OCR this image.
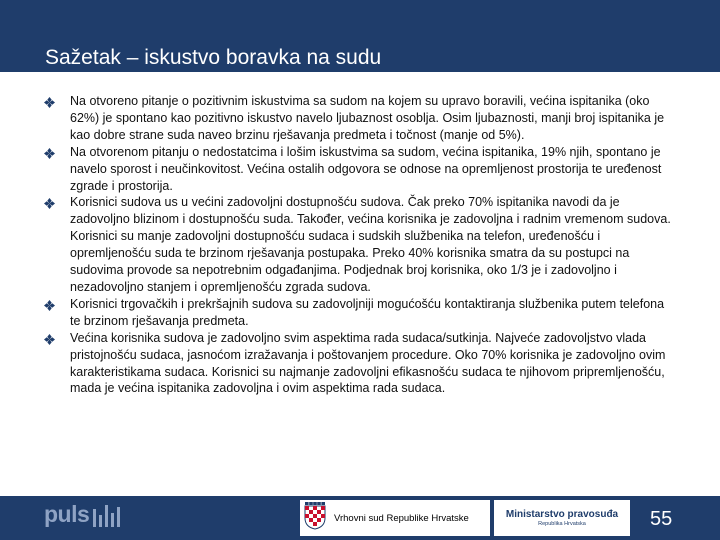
Sažetak – iskustvo boravka na sudu
Na otvoreno pitanje o pozitivnim iskustvima sa sudom na kojem su upravo boravili, većina ispitanika (oko 62%) je spontano kao pozitivno iskustvo navelo ljubaznost osoblja. Osim ljubaznosti, manji broj ispitanika je kao dobre strane suda naveo brzinu rješavanja predmeta i točnost (manje od 5%).
Na otvorenom pitanju o nedostatcima i lošim iskustvima sa sudom, većina ispitanika, 19% njih, spontano je navelo sporost i neučinkovitost. Većina ostalih odgovora se odnose na opremljenost prostorija te uređenost zgrade i prostorija.
Korisnici sudova us u većini zadovoljni dostupnošću sudova. Čak preko 70% ispitanika navodi da je zadovoljno blizinom i dostupnošću suda. Također, većina korisnika je zadovoljna i radnim vremenom sudova. Korisnici su manje zadovoljni dostupnošću sudaca i sudskih službenika na telefon, uređenošću i opremljenošću suda te brzinom rješavanja postupaka. Preko 40% korisnika smatra da su postupci na sudovima provode sa nepotrebnim odgađanjima. Podjednak broj korisnika, oko 1/3 je i zadovoljno i nezadovoljno stanjem i opremljenošću zgrada sudova.
Korisnici trgovačkih i prekršajnih sudova su zadovoljniji mogućošću kontaktiranja službenika putem telefona te brzinom rješavanja predmeta.
Većina korisnika sudova je zadovoljno svim aspektima rada sudaca/sutkinja. Najveće zadovoljstvo vlada pristojnošću sudaca, jasnoćom izražavanja i poštovanjem procedure. Oko 70% korisnika je zadovoljno ovim karakteristikama sudaca. Korisnici su najmanje zadovoljni efikasnošću sudaca te njihovom pripremljenošću, mada je većina ispitanika zadovoljna i ovim aspektima rada sudaca.
puls	Vrhovni sud Republike Hrvatske	Ministarstvo pravosuđa
Republika Hrvatska	55
